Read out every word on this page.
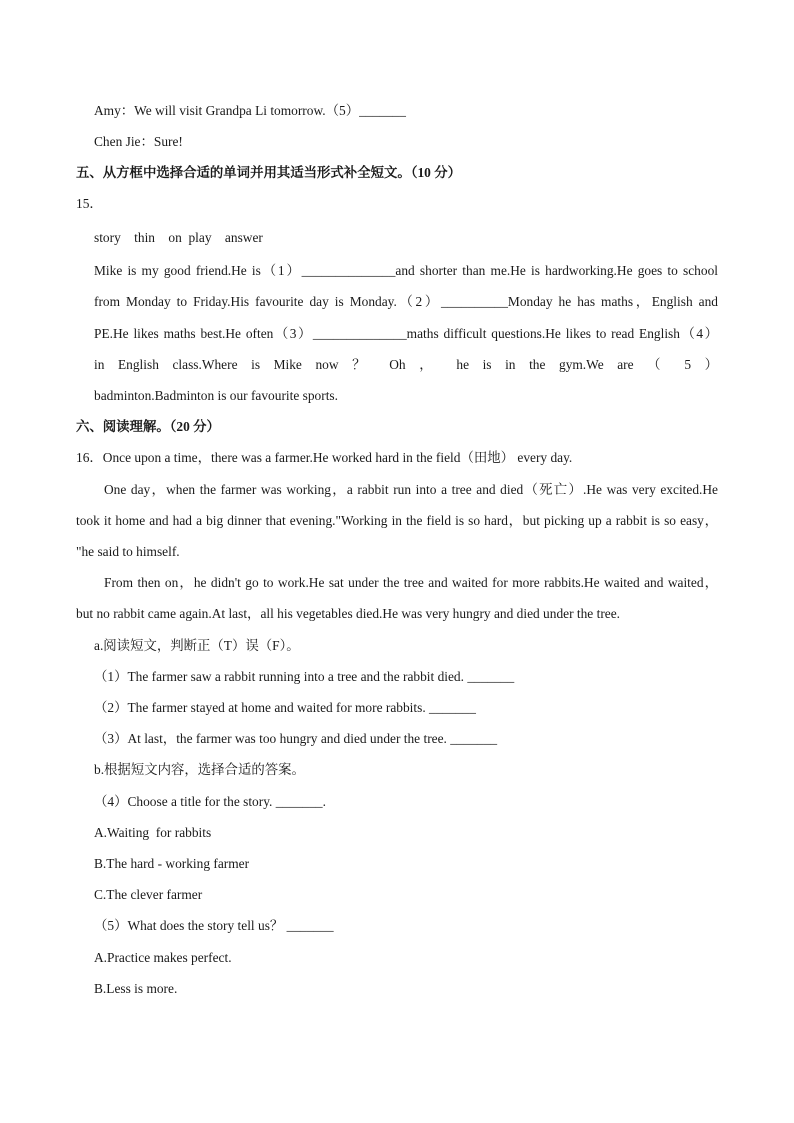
Amy：We will visit Grandpa Li tomorrow.（5）_______
Chen Jie：Sure!
五、从方框中选择合适的单词并用其适当形式补全短文。（10 分）
15．
story    thin    on  play    answer
Mike is my good friend.He is（1）______________and shorter than me.He is hardworking.He goes to school
from Monday to Friday.His favourite day is Monday.（2）__________Monday he has maths，English and
PE.He likes maths best.He often（3）______________maths difficult questions.He likes to read English（4）
in English class.Where is Mike now ？ Oh ， he is in the gym.We are （ 5 ）
badminton.Badminton is our favourite sports.
六、阅读理解。（20 分）
16．Once upon a time，there was a farmer.He worked hard in the field（田地） every day.
One day，when the farmer was working，a rabbit run into a tree and died（死亡）.He was very excited.He
took it home and had a big dinner that evening."Working in the field is so hard，but picking up a rabbit is so easy，
"he said to himself.
From then on，he didn't go to work.He sat under the tree and waited for more rabbits.He waited and waited，
but no rabbit came again.At last，all his vegetables died.He was very hungry and died under the tree.
a.阅读短文，判断正（T）误（F）。
（1）The farmer saw a rabbit running into a tree and the rabbit died. _______
（2）The farmer stayed at home and waited for more rabbits. _______
（3）At last，the farmer was too hungry and died under the tree. _______
b.根据短文内容，选择合适的答案。
（4）Choose a title for the story. _______.
A.Waiting  for rabbits
B.The hard - working farmer
C.The clever farmer
（5）What does the story tell us？ _______
A.Practice makes perfect.
B.Less is more.
